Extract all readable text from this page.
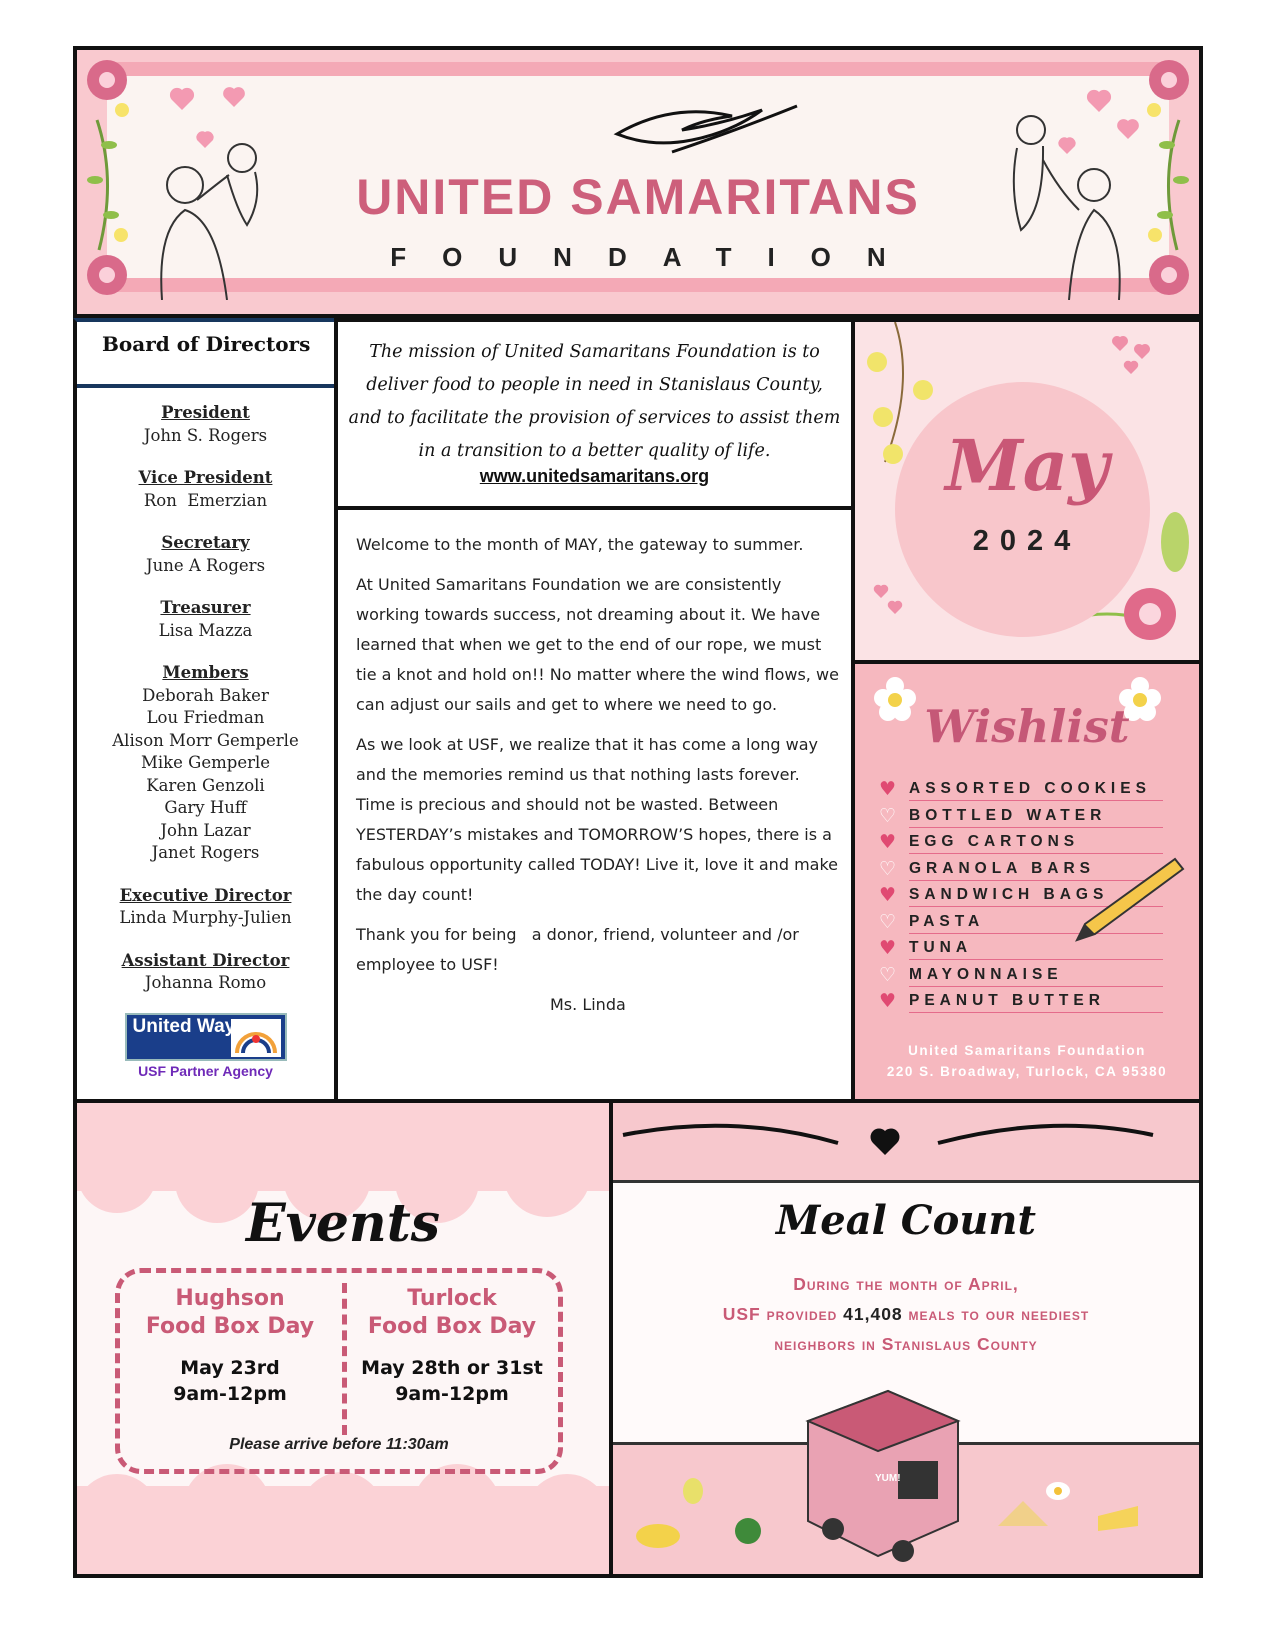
UNITED SAMARITANS
FOUNDATION
Board of Directors
President
John S. Rogers
Vice President
Ron  Emerzian
Secretary
June A Rogers
Treasurer
Lisa Mazza
Members
Deborah Baker
Lou Friedman
Alison Morr Gemperle
Mike Gemperle
Karen Genzoli
Gary Huff
John Lazar
Janet Rogers
Executive Director
Linda Murphy-Julien
Assistant Director
Johanna Romo
United Way
USF Partner Agency
The mission of United Samaritans Foundation is to deliver food to people in need in Stanislaus County, and to facilitate the provision of services to assist them in a transition to a better quality of life.
www.unitedsamaritans.org

Welcome to the month of MAY, the gateway to summer.

At United Samaritans Foundation we are consistently working towards success, not dreaming about it. We have learned that when we get to the end of our rope, we must tie a knot and hold on!! No matter where the wind flows, we can adjust our sails and get to where we need to go.

As we look at USF, we realize that it has come a long way and the memories remind us that nothing lasts forever. Time is precious and should not be wasted. Between YESTERDAY’s mistakes and TOMORROW’S hopes, there is a fabulous opportunity called TODAY! Live it, love it and make the day count!

Thank you for being   a donor, friend, volunteer and /or employee to USF!

Ms. Linda

May
2024
Wishlist
♥ ASSORTED COOKIES
♡ BOTTLED WATER
♥ EGG CARTONS
♡ GRANOLA BARS
♥ SANDWICH BAGS
♡ PASTA
♥ TUNA
♡ MAYONNAISE
♥ PEANUT BUTTER
United Samaritans Foundation
220 S. Broadway, Turlock, CA 95380
Events
Hughson
Food Box Day
May 23rd
9am-12pm
Turlock
Food Box Day
May 28th or 31st
9am-12pm
Please arrive before 11:30am
Meal Count
During the month of April,
USF provided 41,408 meals to our neediest
neighbors in Stanislaus County
YUM!
